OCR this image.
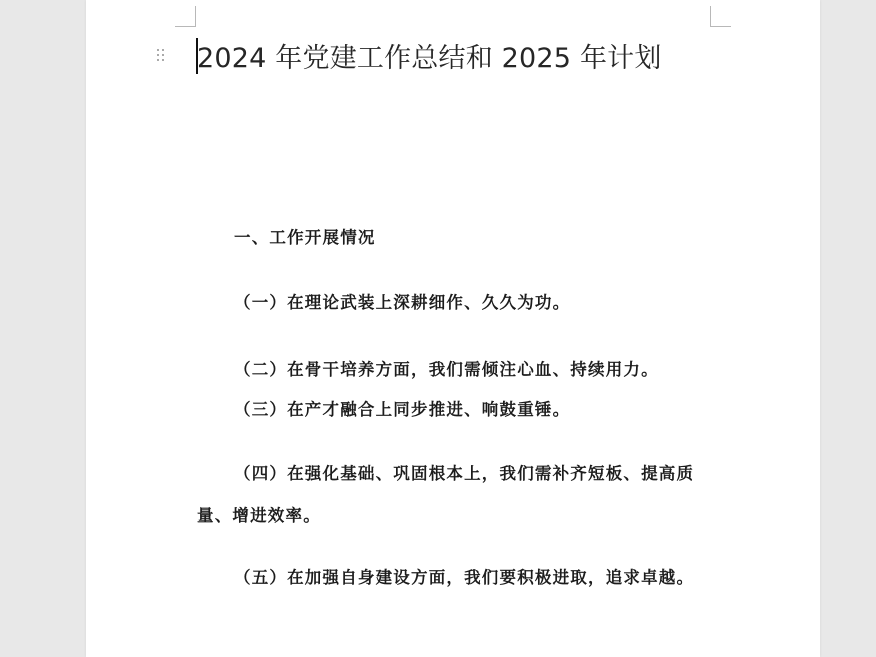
2024 年党建工作总结和 2025 年计划
一、工作开展情况
（一）在理论武装上深耕细作、久久为功。
（二）在骨干培养方面，我们需倾注心血、持续用力。
（三）在产才融合上同步推进、响鼓重锤。
（四）在强化基础、巩固根本上，我们需补齐短板、提高质量、增进效率。
（五）在加强自身建设方面，我们要积极进取，追求卓越。
